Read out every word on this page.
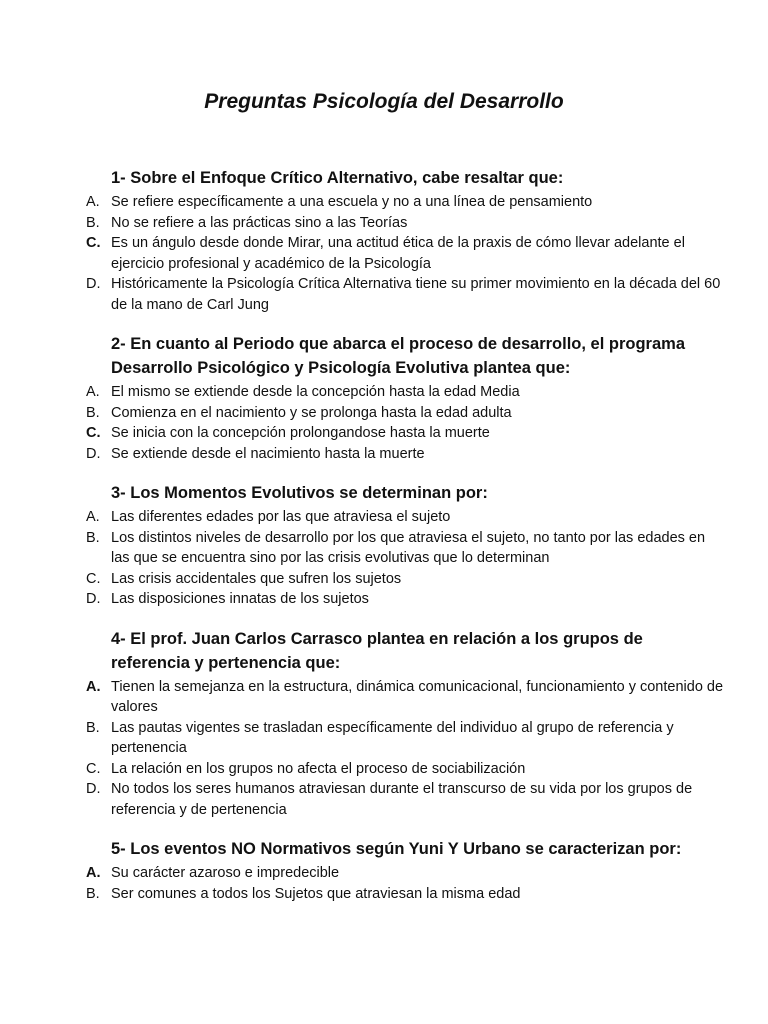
Preguntas Psicología del Desarrollo
1- Sobre el Enfoque Crítico Alternativo, cabe resaltar que:
A. Se refiere específicamente a una escuela y no a una línea de pensamiento
B. No se refiere a las prácticas sino a las Teorías
C. Es un ángulo desde donde Mirar, una actitud ética de la praxis de cómo llevar adelante el ejercicio profesional y académico de la Psicología
D. Históricamente la Psicología Crítica Alternativa tiene su primer movimiento en la década del 60 de la mano de Carl Jung
2- En cuanto al Periodo que abarca el proceso de desarrollo, el programa Desarrollo Psicológico y Psicología Evolutiva plantea que:
A. El mismo se extiende desde la concepción hasta la edad Media
B. Comienza en el nacimiento y se prolonga hasta la edad adulta
C. Se inicia con la concepción prolongandose hasta la muerte
D. Se extiende desde el nacimiento hasta la muerte
3- Los Momentos Evolutivos se determinan por:
A. Las diferentes edades por las que atraviesa el sujeto
B. Los distintos niveles de desarrollo por los que atraviesa el sujeto, no tanto por las edades en las que se encuentra sino por las crisis evolutivas que lo determinan
C. Las crisis accidentales que sufren los sujetos
D. Las disposiciones innatas de los sujetos
4- El prof. Juan Carlos Carrasco plantea en relación a los grupos de referencia y pertenencia que:
A. Tienen la semejanza en la estructura, dinámica comunicacional, funcionamiento y contenido de valores
B. Las pautas vigentes se trasladan específicamente del individuo al grupo de referencia y pertenencia
C. La relación en los grupos no afecta el proceso de sociabilización
D. No todos los seres humanos atraviesan durante el transcurso de su vida por los grupos de referencia y de pertenencia
5- Los eventos NO Normativos según Yuni Y Urbano se caracterizan por:
A. Su carácter azaroso e impredecible
B. Ser comunes a todos los Sujetos que atraviesan la misma edad
